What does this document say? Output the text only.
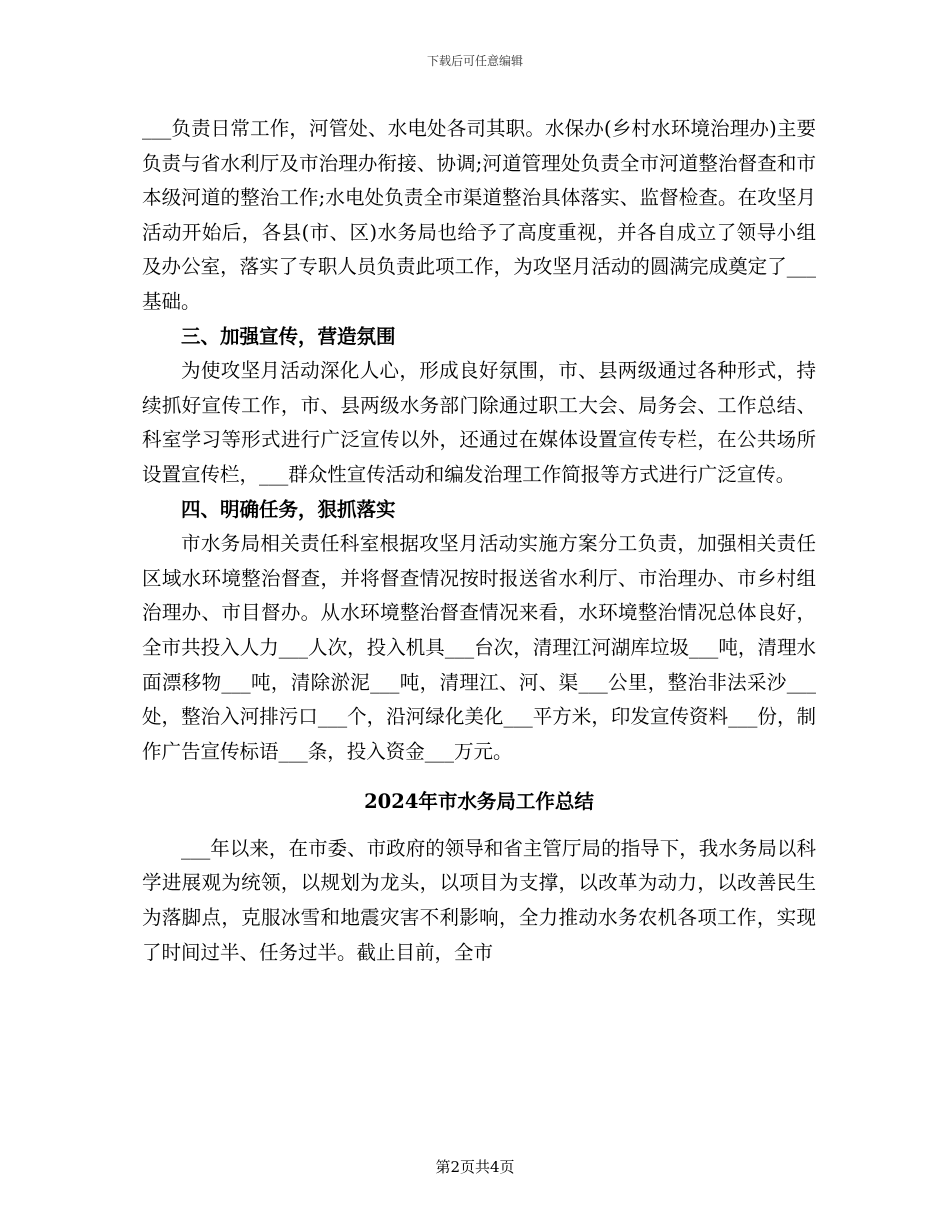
下载后可任意编辑

___负责日常工作，河管处、水电处各司其职。水保办(乡村水环境治理办)主要负责与省水利厅及市治理办衔接、协调;河道管理处负责全市河道整治督查和市本级河道的整治工作;水电处负责全市渠道整治具体落实、监督检查。在攻坚月活动开始后，各县(市、区)水务局也给予了高度重视，并各自成立了领导小组及办公室，落实了专职人员负责此项工作，为攻坚月活动的圆满完成奠定了___基础。

三、加强宣传，营造氛围

为使攻坚月活动深化人心，形成良好氛围，市、县两级通过各种形式，持续抓好宣传工作，市、县两级水务部门除通过职工大会、局务会、工作总结、科室学习等形式进行广泛宣传以外，还通过在媒体设置宣传专栏，在公共场所设置宣传栏，___群众性宣传活动和编发治理工作简报等方式进行广泛宣传。

四、明确任务，狠抓落实

市水务局相关责任科室根据攻坚月活动实施方案分工负责，加强相关责任区域水环境整治督查，并将督查情况按时报送省水利厅、市治理办、市乡村组治理办、市目督办。从水环境整治督查情况来看，水环境整治情况总体良好，全市共投入人力___人次，投入机具___台次，清理江河湖库垃圾___吨，清理水面漂移物___吨，清除淤泥___吨，清理江、河、渠___公里，整治非法采沙___处，整治入河排污口___个，沿河绿化美化___平方米，印发宣传资料___份，制作广告宣传标语___条，投入资金___万元。

2024年市水务局工作总结

___年以来，在市委、市政府的领导和省主管厅局的指导下，我水务局以科学进展观为统领，以规划为龙头，以项目为支撑，以改革为动力，以改善民生为落脚点，克服冰雪和地震灾害不利影响，全力推动水务农机各项工作，实现了时间过半、任务过半。截止目前，全市

第2页共4页
